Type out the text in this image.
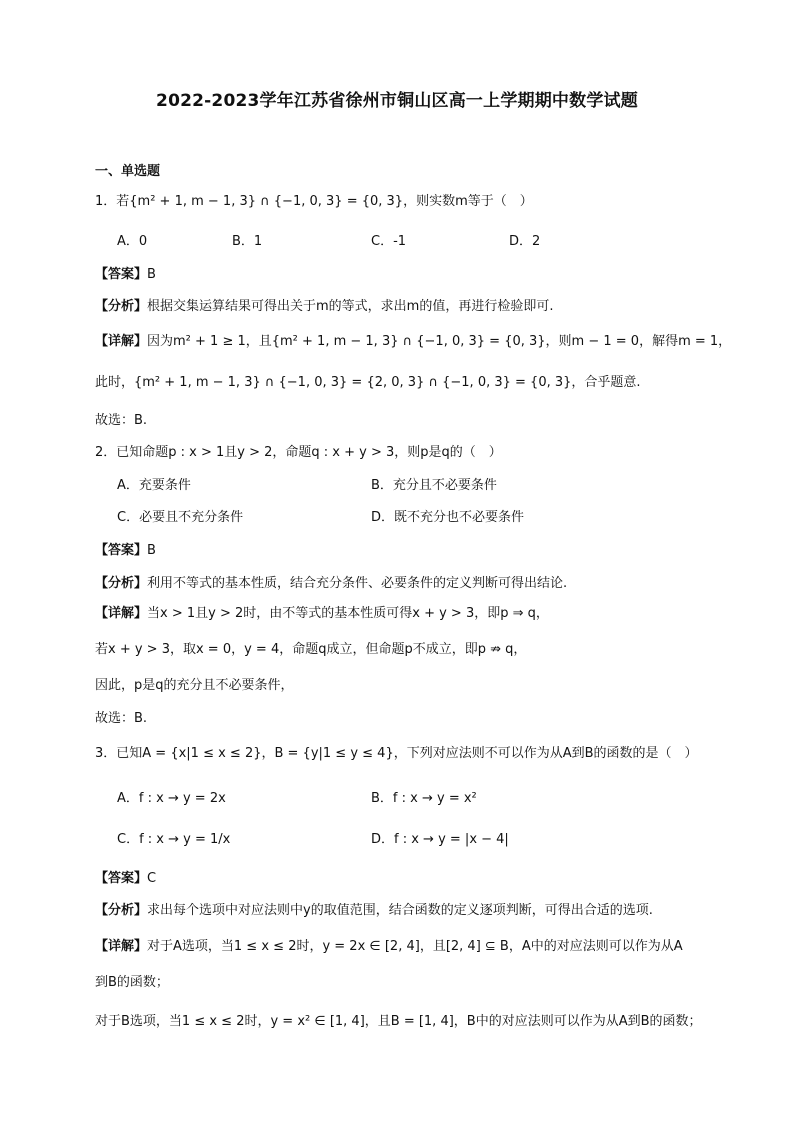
2022-2023学年江苏省徐州市铜山区高一上学期期中数学试题
一、单选题
1．若{m² + 1, m − 1, 3} ∩ {−1, 0, 3} = {0, 3}，则实数m等于（　）
A．0	B．1	C．-1	D．2
【答案】B
【分析】根据交集运算结果可得出关于m的等式，求出m的值，再进行检验即可.
【详解】因为m² + 1 ≥ 1，且{m² + 1, m − 1, 3} ∩ {−1, 0, 3} = {0, 3}，则m − 1 = 0，解得m = 1，
此时，{m² + 1, m − 1, 3} ∩ {−1, 0, 3} = {2, 0, 3} ∩ {−1, 0, 3} = {0, 3}，合乎题意.
故选：B.
2．已知命题p : x > 1且y > 2，命题q : x + y > 3，则p是q的（　）
A．充要条件	B．充分且不必要条件
C．必要且不充分条件	D．既不充分也不必要条件
【答案】B
【分析】利用不等式的基本性质，结合充分条件、必要条件的定义判断可得出结论.
【详解】当x > 1且y > 2时，由不等式的基本性质可得x + y > 3，即p ⇒ q，
若x + y > 3，取x = 0，y = 4，命题q成立，但命题p不成立，即p ⇏ q，
因此，p是q的充分且不必要条件，
故选：B.
3．已知A = {x|1 ≤ x ≤ 2}，B = {y|1 ≤ y ≤ 4}，下列对应法则不可以作为从A到B的函数的是（　）
A．f : x → y = 2x	B．f : x → y = x²
C．f : x → y = 1/x	D．f : x → y = |x − 4|
【答案】C
【分析】求出每个选项中对应法则中y的取值范围，结合函数的定义逐项判断，可得出合适的选项.
【详解】对于A选项，当1 ≤ x ≤ 2时，y = 2x ∈ [2, 4]，且[2, 4] ⊆ B，A中的对应法则可以作为从A
到B的函数；
对于B选项，当1 ≤ x ≤ 2时，y = x² ∈ [1, 4]，且B = [1, 4]，B中的对应法则可以作为从A到B的函数；
